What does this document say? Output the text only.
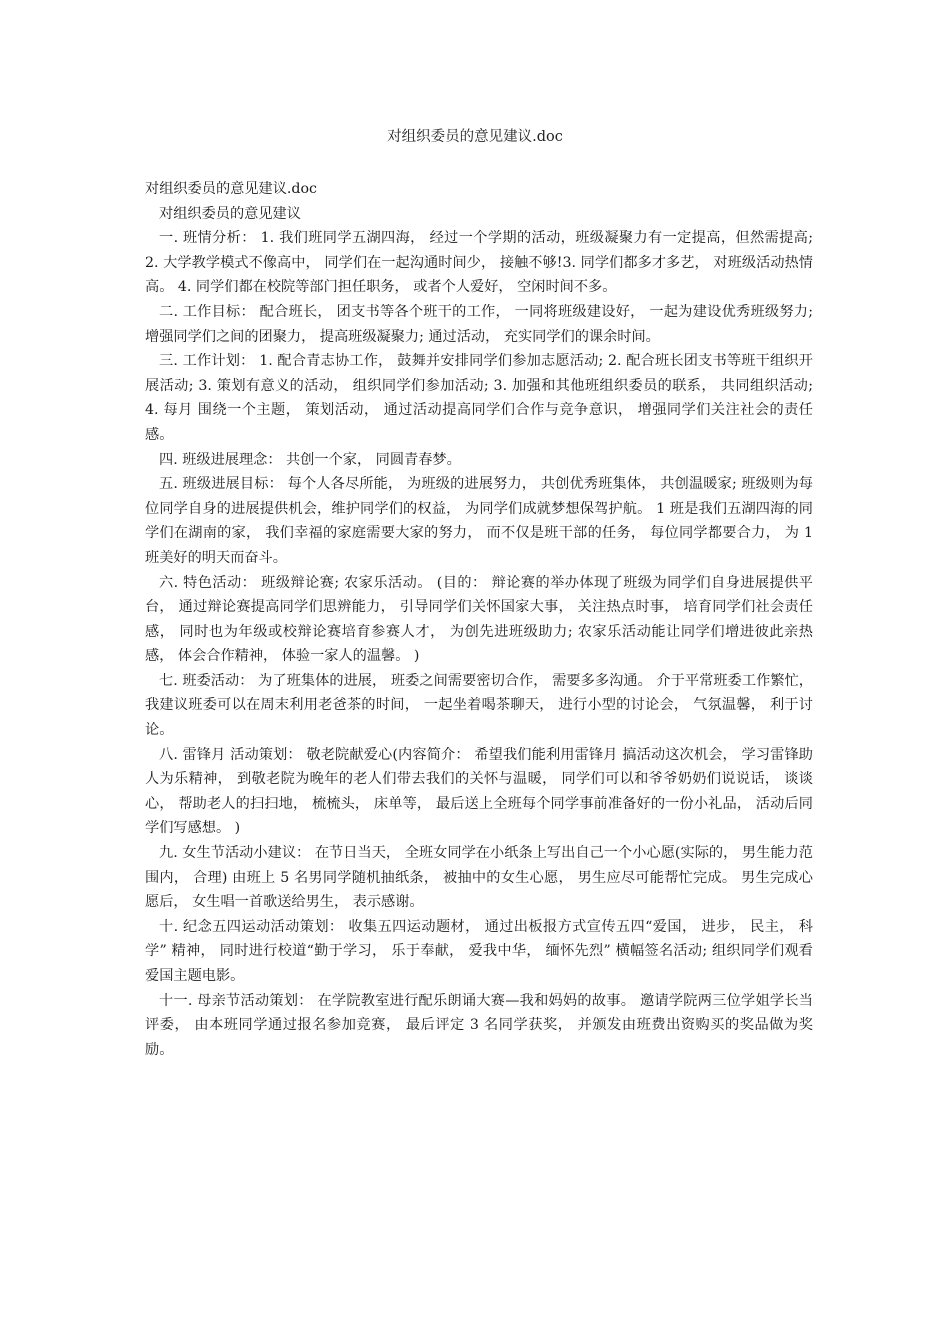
对组织委员的意见建议.doc

对组织委员的意见建议.doc

对组织委员的意见建议

一. 班情分析： 1. 我们班同学五湖四海， 经过一个学期的活动，班级凝聚力有一定提高，但然需提高; 2. 大学教学模式不像高中， 同学们在一起沟通时间少， 接触不够!3. 同学们都多才多艺， 对班级活动热情高。 4. 同学们都在校院等部门担任职务， 或者个人爱好， 空闲时间不多。

二. 工作目标： 配合班长， 团支书等各个班干的工作， 一同将班级建设好， 一起为建设优秀班级努力; 增强同学们之间的团聚力， 提高班级凝聚力; 通过活动， 充实同学们的课余时间。

三. 工作计划： 1. 配合青志协工作， 鼓舞并安排同学们参加志愿活动; 2. 配合班长团支书等班干组织开展活动; 3. 策划有意义的活动， 组织同学们参加活动; 3. 加强和其他班组织委员的联系， 共同组织活动; 4. 每月 围绕一个主题， 策划活动， 通过活动提高同学们合作与竞争意识， 增强同学们关注社会的责任感。

四. 班级进展理念： 共创一个家， 同圆青春梦。

五. 班级进展目标： 每个人各尽所能， 为班级的进展努力， 共创优秀班集体， 共创温暖家; 班级则为每位同学自身的进展提供机会，维护同学们的权益， 为同学们成就梦想保驾护航。 1 班是我们五湖四海的同学们在湖南的家， 我们幸福的家庭需要大家的努力， 而不仅是班干部的任务， 每位同学都要合力， 为 1 班美好的明天而奋斗。

六. 特色活动： 班级辩论赛; 农家乐活动。 (目的： 辩论赛的举办体现了班级为同学们自身进展提供平台， 通过辩论赛提高同学们思辨能力， 引导同学们关怀国家大事， 关注热点时事， 培育同学们社会责任感， 同时也为年级或校辩论赛培育参赛人才， 为创先进班级助力; 农家乐活动能让同学们增进彼此亲热感， 体会合作精神， 体验一家人的温馨。 )

七. 班委活动： 为了班集体的进展， 班委之间需要密切合作， 需要多多沟通。 介于平常班委工作繁忙， 我建议班委可以在周末利用老爸茶的时间， 一起坐着喝茶聊天， 进行小型的讨论会， 气氛温馨， 利于讨论。

八. 雷锋月 活动策划： 敬老院献爱心(内容简介： 希望我们能利用雷锋月 搞活动这次机会， 学习雷锋助人为乐精神， 到敬老院为晚年的老人们带去我们的关怀与温暖， 同学们可以和爷爷奶奶们说说话， 谈谈心， 帮助老人的扫扫地， 梳梳头， 床单等， 最后送上全班每个同学事前准备好的一份小礼品， 活动后同学们写感想。 )

九. 女生节活动小建议： 在节日当天， 全班女同学在小纸条上写出自己一个小心愿(实际的， 男生能力范围内， 合理) 由班上 5 名男同学随机抽纸条， 被抽中的女生心愿， 男生应尽可能帮忙完成。 男生完成心愿后， 女生唱一首歌送给男生， 表示感谢。

十. 纪念五四运动活动策划： 收集五四运动题材， 通过出板报方式宣传五四“爱国， 进步， 民主， 科学” 精神， 同时进行校道“勤于学习， 乐于奉献， 爱我中华， 缅怀先烈” 横幅签名活动; 组织同学们观看爱国主题电影。

十一. 母亲节活动策划： 在学院教室进行配乐朗诵大赛—我和妈妈的故事。 邀请学院两三位学姐学长当评委， 由本班同学通过报名参加竞赛， 最后评定 3 名同学获奖， 并颁发由班费出资购买的奖品做为奖励。
